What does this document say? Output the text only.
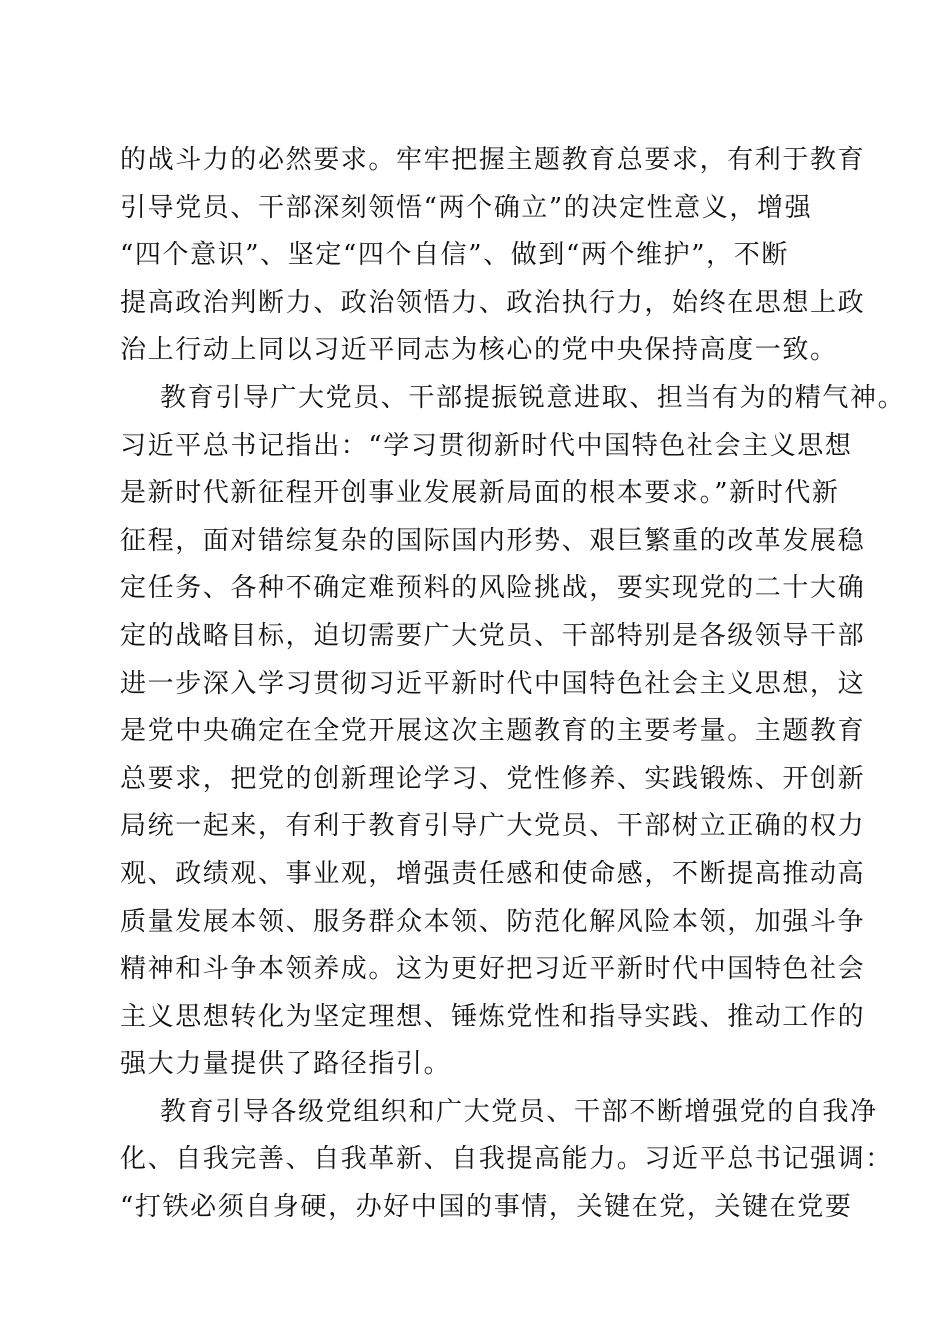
的战斗力的必然要求。牢牢把握主题教育总要求，有利于教育
引导党员、干部深刻领悟“两个确立”的决定性意义，增强
“四个意识”、坚定“四个自信”、做到“两个维护”，不断
提高政治判断力、政治领悟力、政治执行力，始终在思想上政
治上行动上同以习近平同志为核心的党中央保持高度一致。
教育引导广大党员、干部提振锐意进取、担当有为的精气神。
习近平总书记指出：“学习贯彻新时代中国特色社会主义思想
是新时代新征程开创事业发展新局面的根本要求。”新时代新
征程，面对错综复杂的国际国内形势、艰巨繁重的改革发展稳
定任务、各种不确定难预料的风险挑战，要实现党的二十大确
定的战略目标，迫切需要广大党员、干部特别是各级领导干部
进一步深入学习贯彻习近平新时代中国特色社会主义思想，这
是党中央确定在全党开展这次主题教育的主要考量。主题教育
总要求，把党的创新理论学习、党性修养、实践锻炼、开创新
局统一起来，有利于教育引导广大党员、干部树立正确的权力
观、政绩观、事业观，增强责任感和使命感，不断提高推动高
质量发展本领、服务群众本领、防范化解风险本领，加强斗争
精神和斗争本领养成。这为更好把习近平新时代中国特色社会
主义思想转化为坚定理想、锤炼党性和指导实践、推动工作的
强大力量提供了路径指引。
教育引导各级党组织和广大党员、干部不断增强党的自我净
化、自我完善、自我革新、自我提高能力。习近平总书记强调：
“打铁必须自身硬，办好中国的事情，关键在党，关键在党要
